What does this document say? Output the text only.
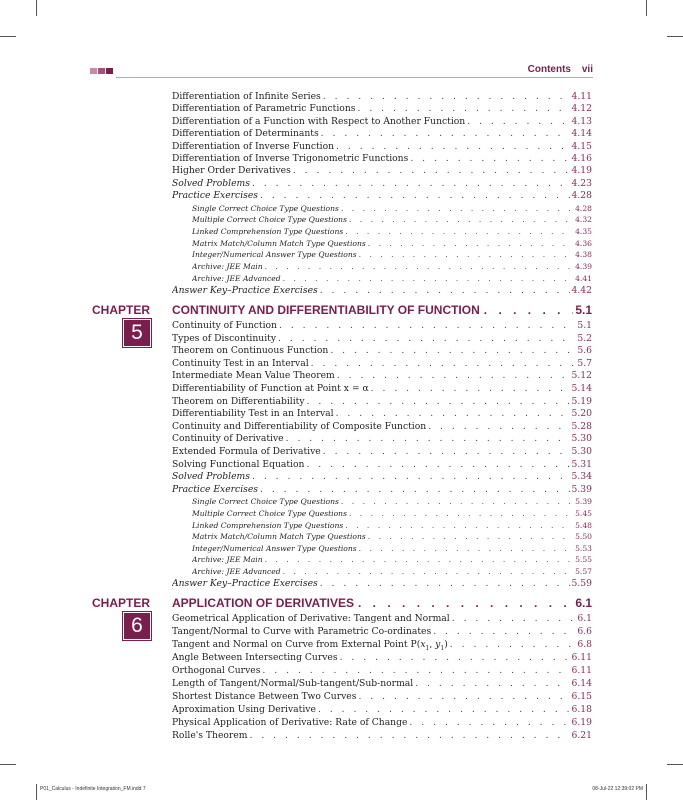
Contents vii
Differentiation of Infinite Series . . .	4.11
Differentiation of Parametric Functions . . .	4.12
Differentiation of a Function with Respect to Another Function . . .	4.13
Differentiation of Determinants . . .	4.14
Differentiation of Inverse Function . . .	4.15
Differentiation of Inverse Trigonometric Functions . . .	4.16
Higher Order Derivatives . . .	4.19
Solved Problems . . .	4.23
Practice Exercises . . .	4.28
Single Correct Choice Type Questions . . .	4.28
Multiple Correct Choice Type Questions . . .	4.32
Linked Comprehension Type Questions . . .	4.35
Matrix Match/Column Match Type Questions . . .	4.36
Integer/Numerical Answer Type Questions . . .	4.38
Archive: JEE Main . . .	4.39
Archive: JEE Advanced . . .	4.41
Answer Key–Practice Exercises . . .	4.42
CHAPTER
5
CONTINUITY AND DIFFERENTIABILITY OF FUNCTION . . .	5.1
Continuity of Function . . .	5.1
Types of Discontinuity . . .	5.2
Theorem on Continuous Function . . .	5.6
Continuity Test in an Interval . . .	5.7
Intermediate Mean Value Theorem . . .	5.12
Differentiability of Function at Point x = α . . .	5.14
Theorem on Differentiability . . .	5.19
Differentiability Test in an Interval . . .	5.20
Continuity and Differentiability of Composite Function . . .	5.28
Continuity of Derivative . . .	5.30
Extended Formula of Derivative . . .	5.30
Solving Functional Equation . . .	5.31
Solved Problems . . .	5.34
Practice Exercises . . .	5.39
Single Correct Choice Type Questions . . .	5.39
Multiple Correct Choice Type Questions . . .	5.45
Linked Comprehension Type Questions . . .	5.48
Matrix Match/Column Match Type Questions . . .	5.50
Integer/Numerical Answer Type Questions . . .	5.53
Archive: JEE Main . . .	5.55
Archive: JEE Advanced . . .	5.57
Answer Key–Practice Exercises . . .	5.59
CHAPTER
6
APPLICATION OF DERIVATIVES . . .	6.1
Geometrical Application of Derivative: Tangent and Normal . . .	6.1
Tangent/Normal to Curve with Parametric Co-ordinates . . .	6.6
Tangent and Normal on Curve from External Point $P(x_1$, $y_1$) . . .	6.8
Angle Between Intersecting Curves . . .	6.11
Orthogonal Curves . . .	6.11
Length of Tangent/Normal/Sub-tangent/Sub-normal . . .	6.14
Shortest Distance Between Two Curves . . .	6.15
Aproximation Using Derivative . . .	6.18
Physical Application of Derivative: Rate of Change . . .	6.19
Rolle's Theorem . . .	6.21
P01_Calculus - Indefinite Integration_FM.indd 7	08-Jul-22 12:39:02 PM
